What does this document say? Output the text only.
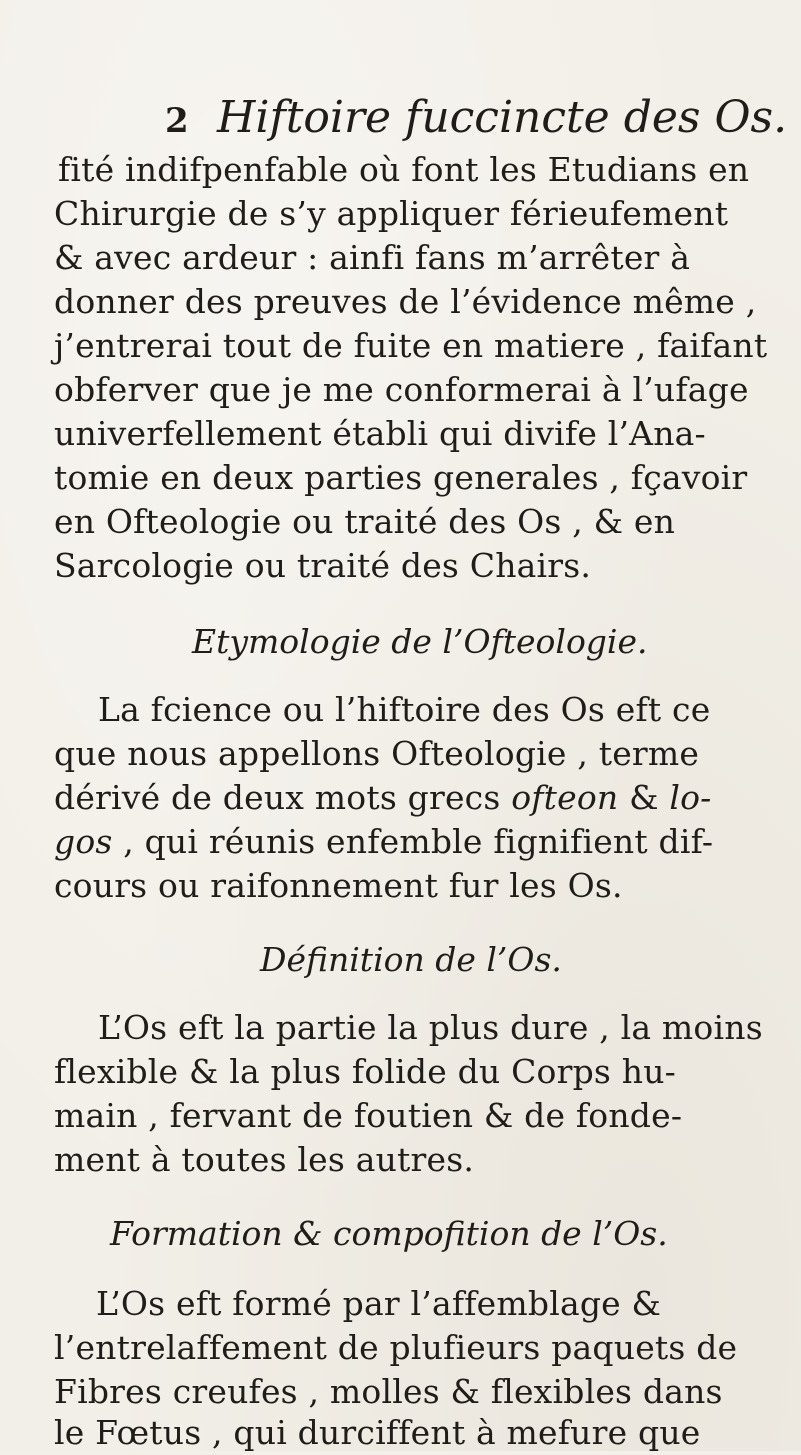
2 Hiftoire fuccincte des Os.
fité indifpenfable où font les Etudians en
Chirurgie de s’y appliquer férieufement
& avec ardeur : ainfi fans m’arrêter à
donner des preuves de l’évidence même ,
j’entrerai tout de fuite en matiere , faifant
obferver que je me conformerai à l’ufage
univerfellement établi qui divife l’Ana-
tomie en deux parties generales , fçavoir
en Ofteologie ou traité des Os , & en
Sarcologie ou traité des Chairs.
Etymologie de l’Ofteologie.
La fcience ou l’hiftoire des Os eft ce
que nous appellons Ofteologie , terme
dérivé de deux mots grecs ofteon & lo-
gos , qui réunis enfemble fignifient dif-
cours ou raifonnement fur les Os.
Définition de l’Os.
L’Os eft la partie la plus dure , la moins
flexible & la plus folide du Corps hu-
main , fervant de foutien & de fonde-
ment à toutes les autres.
Formation & compofition de l’Os.
L’Os eft formé par l’affemblage &
l’entrelaffement de plufieurs paquets de
Fibres creufes , molles & flexibles dans
le Fœtus , qui durciffent à mefure que
